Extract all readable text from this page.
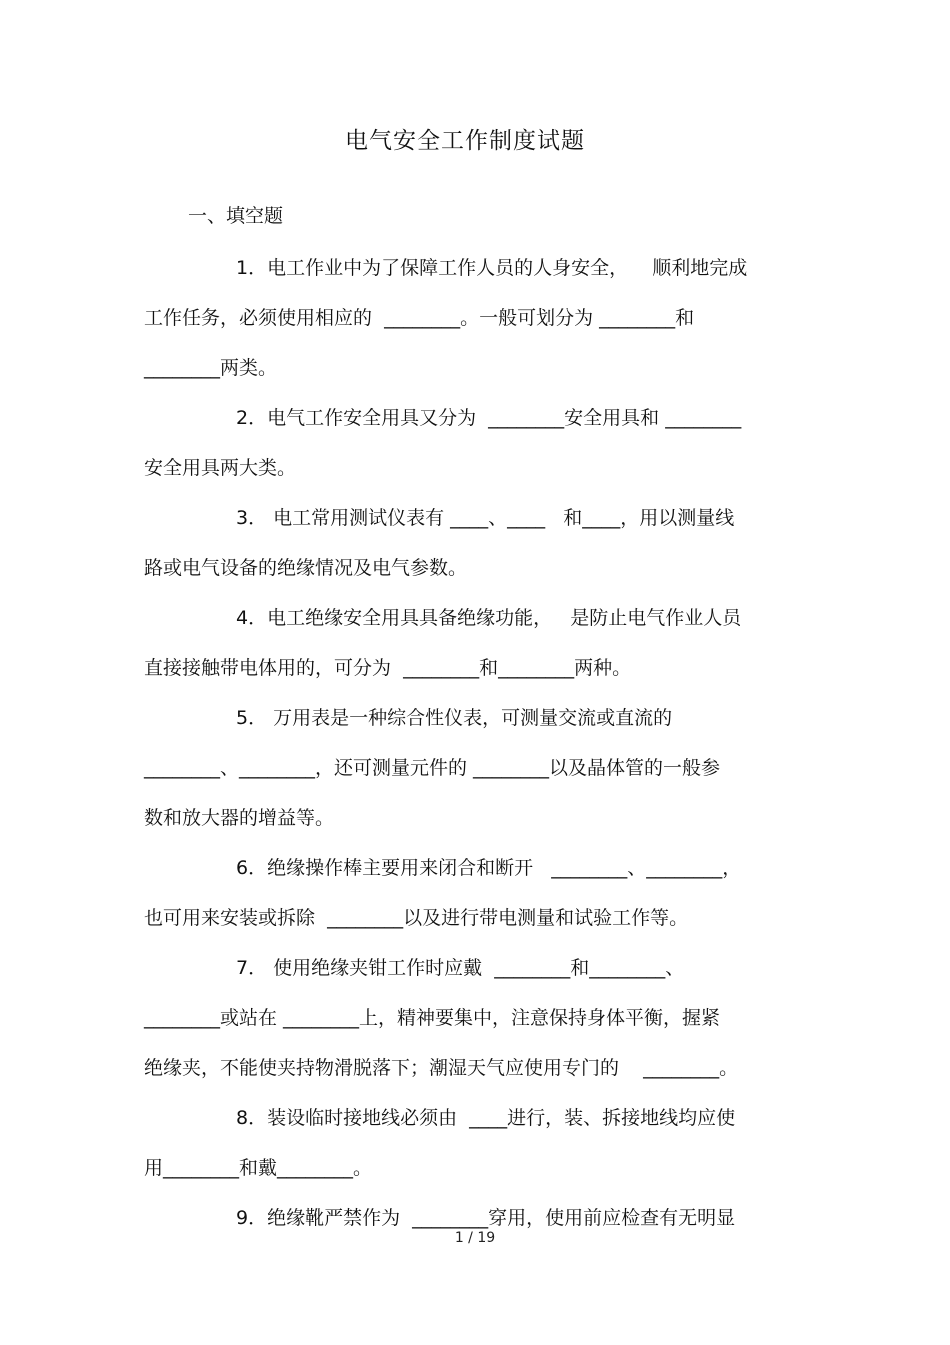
电气安全工作制度试题
一、填空题
1．电工作业中为了保障工作人员的人身安全，    顺利地完成
工作任务，必须使用相应的  ________。一般可划分为 ________和
________两类。
2．电气工作安全用具又分为  ________安全用具和 ________
安全用具两大类。
3． 电工常用测试仪表有 ____、____   和____，用以测量线
路或电气设备的绝缘情况及电气参数。
4．电工绝缘安全用具具备绝缘功能，   是防止电气作业人员
直接接触带电体用的，可分为  ________和________两种。
5． 万用表是一种综合性仪表，可测量交流或直流的
________、________，还可测量元件的 ________以及晶体管的一般参
数和放大器的增益等。
6．绝缘操作棒主要用来闭合和断开   ________、________，
也可用来安装或拆除  ________以及进行带电测量和试验工作等。
7． 使用绝缘夹钳工作时应戴  ________和________、
________或站在 ________上，精神要集中，注意保持身体平衡，握紧
绝缘夹，不能使夹持物滑脱落下；潮湿天气应使用专门的    ________。
8．装设临时接地线必须由  ____进行，装、拆接地线均应使
用________和戴________。
9．绝缘靴严禁作为  ________穿用，使用前应检查有无明显
1 / 19
